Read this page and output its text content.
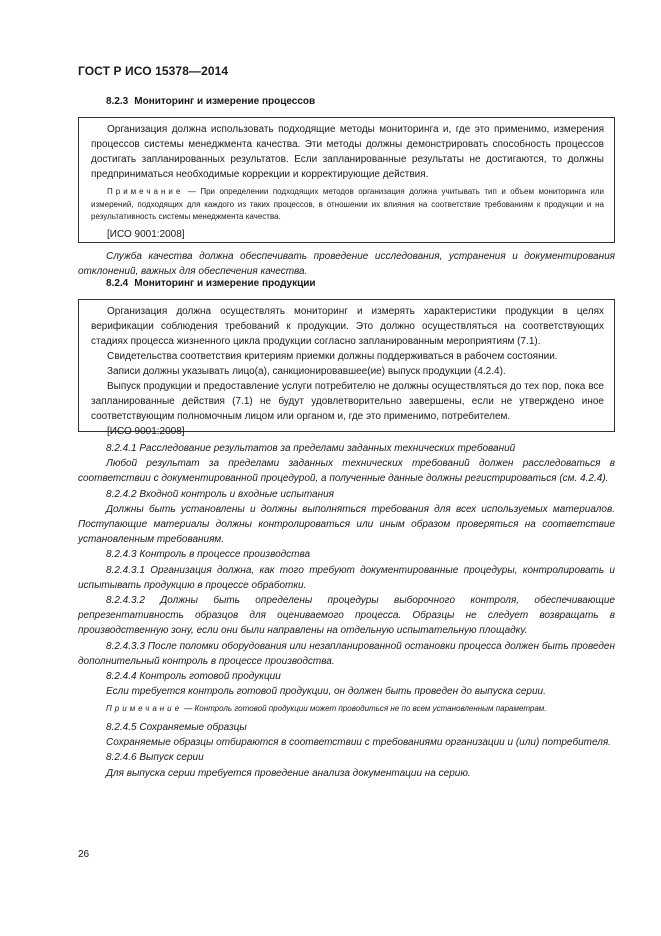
ГОСТ Р ИСО 15378—2014
8.2.3 Мониторинг и измерение процессов

Организация должна использовать подходящие методы мониторинга и, где это применимо, измерения процессов системы менеджмента качества. Эти методы должны демонстрировать способность процессов достигать запланированных результатов. Если запланированные результаты не достигаются, то должны предприниматься необходимые коррекции и корректирующие действия.

Примечание — При определении подходящих методов организация должна учитывать тип и объем мониторинга или измерений, подходящих для каждого из таких процессов, в отношении их влияния на соответствие требованиям к продукции и на результативность системы менеджмента качества.

[ИСО 9001:2008]

Служба качества должна обеспечивать проведение исследования, устранения и документирования отклонений, важных для обеспечения качества.

8.2.4 Мониторинг и измерение продукции

Организация должна осуществлять мониторинг и измерять характеристики продукции в целях верификации соблюдения требований к продукции. Это должно осуществляться на соответствующих стадиях процесса жизненного цикла продукции согласно запланированным мероприятиям (7.1).

Свидетельства соответствия критериям приемки должны поддерживаться в рабочем состоянии.

Записи должны указывать лицо(а), санкционировавшее(ие) выпуск продукции (4.2.4).

Выпуск продукции и предоставление услуги потребителю не должны осуществляться до тех пор, пока все запланированные действия (7.1) не будут удовлетворительно завершены, если не утверждено иное соответствующим полномочным лицом или органом и, где это применимо, потребителем.

[ИСО 9001:2008]

8.2.4.1 Расследование результатов за пределами заданных технических требований

Любой результат за пределами заданных технических требований должен расследоваться в соответствии с документированной процедурой, а полученные данные должны регистрироваться (см. 4.2.4).

8.2.4.2 Входной контроль и входные испытания

Должны быть установлены и должны выполняться требования для всех используемых материалов. Поступающие материалы должны контролироваться или иным образом проверяться на соответствие установленным требованиям.

8.2.4.3 Контроль в процессе производства

8.2.4.3.1 Организация должна, как того требуют документированные процедуры, контролировать и испытывать продукцию в процессе обработки.

8.2.4.3.2 Должны быть определены процедуры выборочного контроля, обеспечивающие репрезентативность образцов для оцениваемого процесса. Образцы не следует возвращать в производственную зону, если они были направлены на отдельную испытательную площадку.

8.2.4.3.3 После поломки оборудования или незапланированной остановки процесса должен быть проведен дополнительный контроль в процессе производства.

8.2.4.4 Контроль готовой продукции

Если требуется контроль готовой продукции, он должен быть проведен до выпуска серии.

Примечание — Контроль готовой продукции может проводиться не по всем установленным параметрам.

8.2.4.5 Сохраняемые образцы

Сохраняемые образцы отбираются в соответствии с требованиями организации и (или) потребителя.

8.2.4.6 Выпуск серии

Для выпуска серии требуется проведение анализа документации на серию.

26
